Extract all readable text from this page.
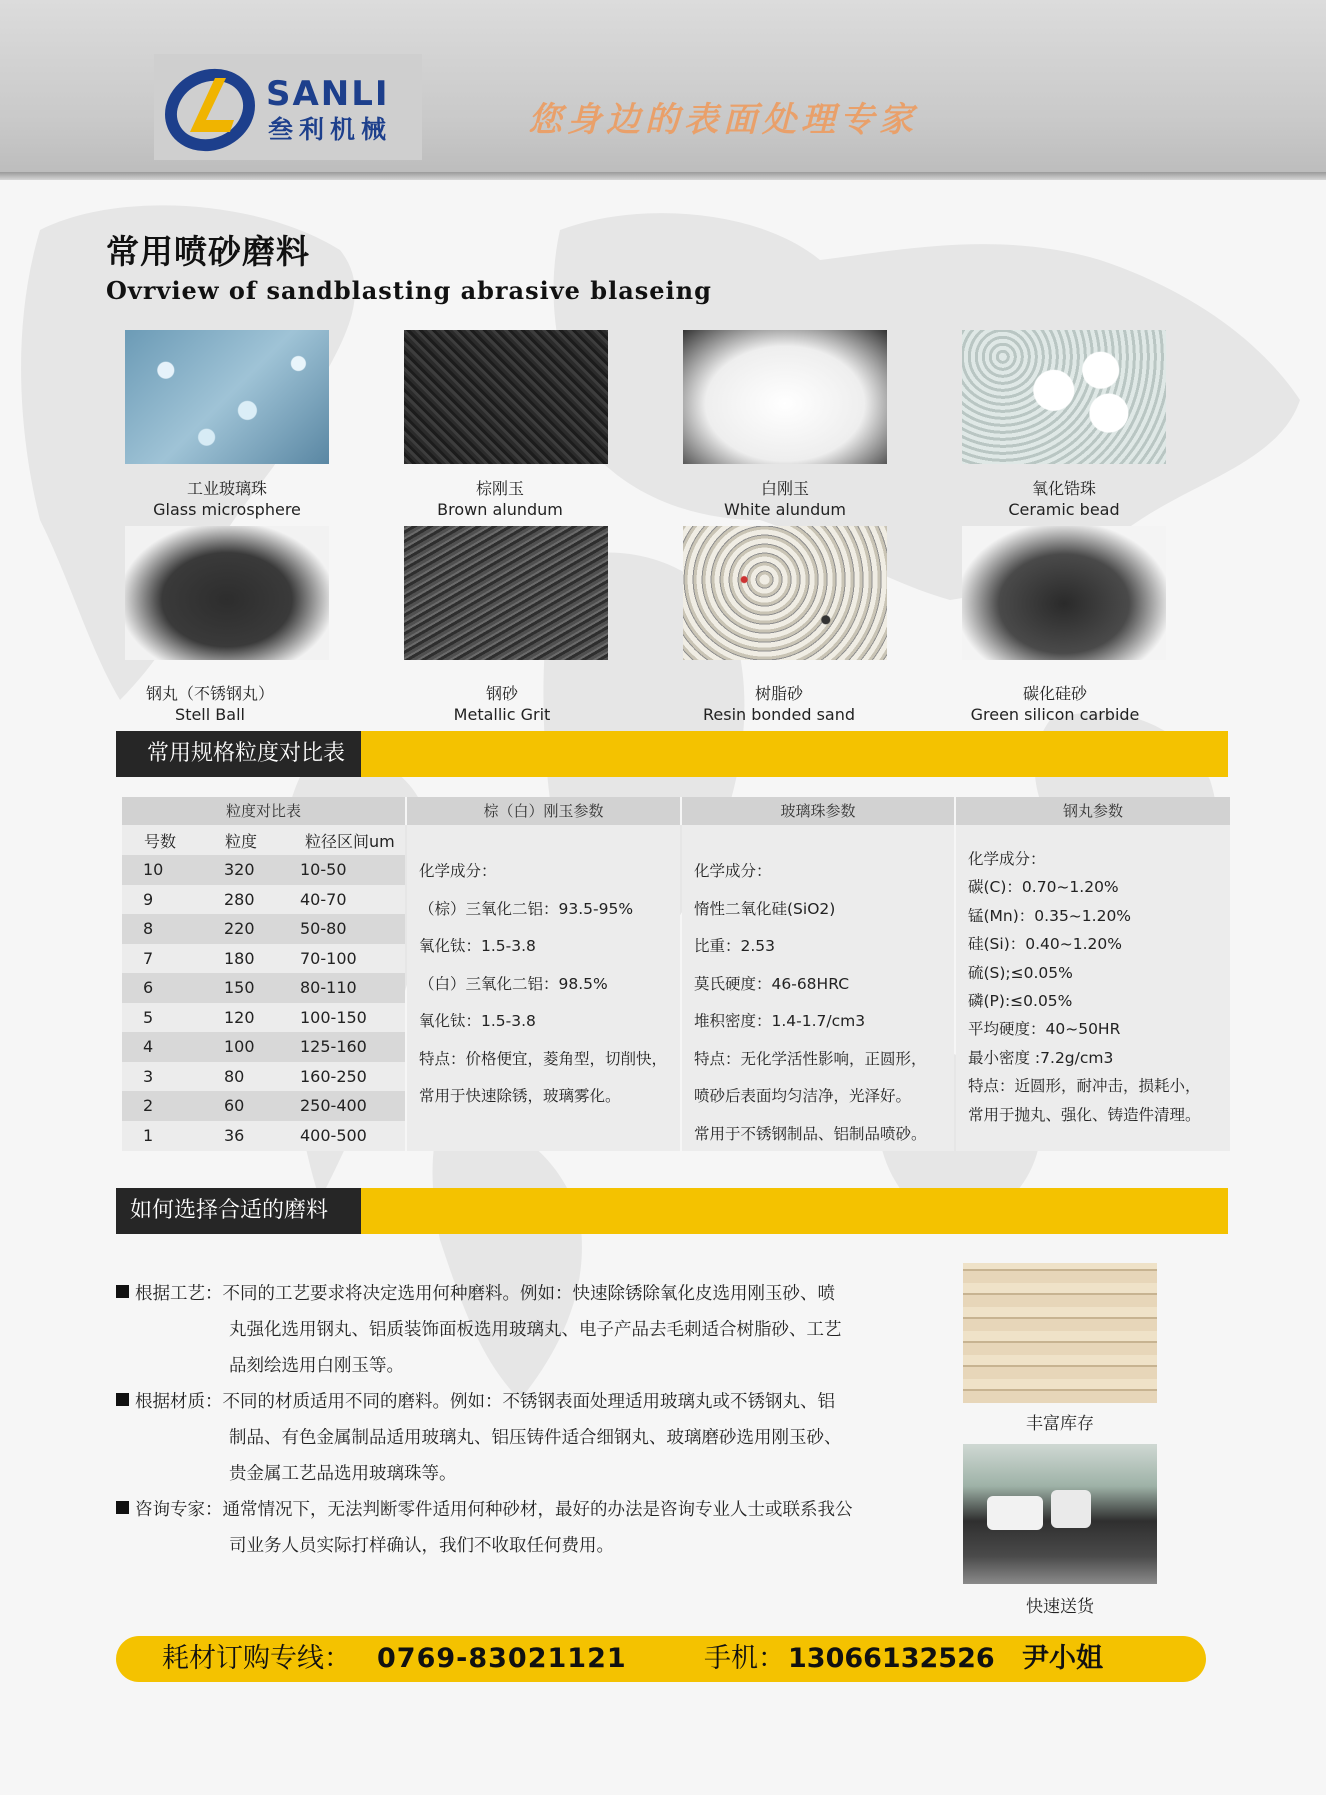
SANLI
叁利机械	您身边的表面处理专家
常用喷砂磨料
Ovrview of sandblasting abrasive blaseing
工业玻璃珠
Glass microsphere
棕刚玉
Brown alundum
白刚玉
White alundum
氧化锆珠
Ceramic bead
钢丸（不锈钢丸）
Stell Ball
钢砂
Metallic Grit
树脂砂
Resin bonded sand
碳化硅砂
Green silicon carbide
常用规格粒度对比表
粒度对比表	棕（白）刚玉参数	玻璃珠参数	钢丸参数
号数	粒度	粒径区间um
10	320	10-50
9	280	40-70
8	220	50-80
7	180	70-100
6	150	80-110
5	120	100-150
4	100	125-160
3	80	160-250
2	60	250-400
1	36	400-500
化学成分：
（棕）三氧化二铝：93.5-95%
氧化钛：1.5-3.8
（白）三氧化二铝：98.5%
氧化钛：1.5-3.8
特点：价格便宜，菱角型，切削快，
常用于快速除锈，玻璃雾化。
化学成分：
惰性二氧化硅(SiO2)
比重：2.53
莫氏硬度：46-68HRC
堆积密度：1.4-1.7/cm3
特点：无化学活性影响，正圆形，
喷砂后表面均匀洁净，光泽好。
常用于不锈钢制品、铝制品喷砂。
化学成分：
碳(C)：0.70~1.20%
锰(Mn)：0.35~1.20%
硅(Si)：0.40~1.20%
硫(S);≤0.05%
磷(P):≤0.05%
平均硬度：40~50HR
最小密度 :7.2g/cm3
特点：近圆形，耐冲击，损耗小，
常用于抛丸、强化、铸造件清理。
如何选择合适的磨料
根据工艺：不同的工艺要求将决定选用何种磨料。例如：快速除锈除氧化皮选用刚玉砂、喷
丸强化选用钢丸、铝质装饰面板选用玻璃丸、电子产品去毛刺适合树脂砂、工艺
品刻绘选用白刚玉等。
根据材质：不同的材质适用不同的磨料。例如：不锈钢表面处理适用玻璃丸或不锈钢丸、铝
制品、有色金属制品适用玻璃丸、铝压铸件适合细钢丸、玻璃磨砂选用刚玉砂、
贵金属工艺品选用玻璃珠等。
咨询专家：通常情况下，无法判断零件适用何种砂材，最好的办法是咨询专业人士或联系我公
司业务人员实际打样确认，我们不收取任何费用。
丰富库存
快速送货
耗材订购专线： 0769-83021121	手机： 13066132526 尹小姐
